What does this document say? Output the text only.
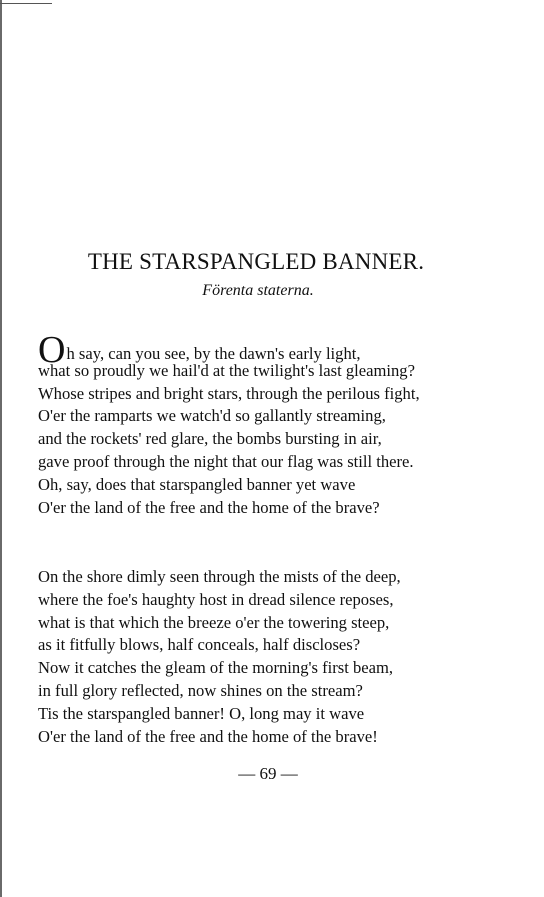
THE STARSPANGLED BANNER.
Förenta staterna.
Oh say, can you see, by the dawn's early light,
what so proudly we hail'd at the twilight's last gleaming?
Whose stripes and bright stars, through the perilous fight,
O'er the ramparts we watch'd so gallantly streaming,
and the rockets' red glare, the bombs bursting in air,
gave proof through the night that our flag was still there.
Oh, say, does that starspangled banner yet wave
O'er the land of the free and the home of the brave?
On the shore dimly seen through the mists of the deep,
where the foe's haughty host in dread silence reposes,
what is that which the breeze o'er the towering steep,
as it fitfully blows, half conceals, half discloses?
Now it catches the gleam of the morning's first beam,
in full glory reflected, now shines on the stream?
Tis the starspangled banner! O, long may it wave
O'er the land of the free and the home of the brave!
— 69 —
